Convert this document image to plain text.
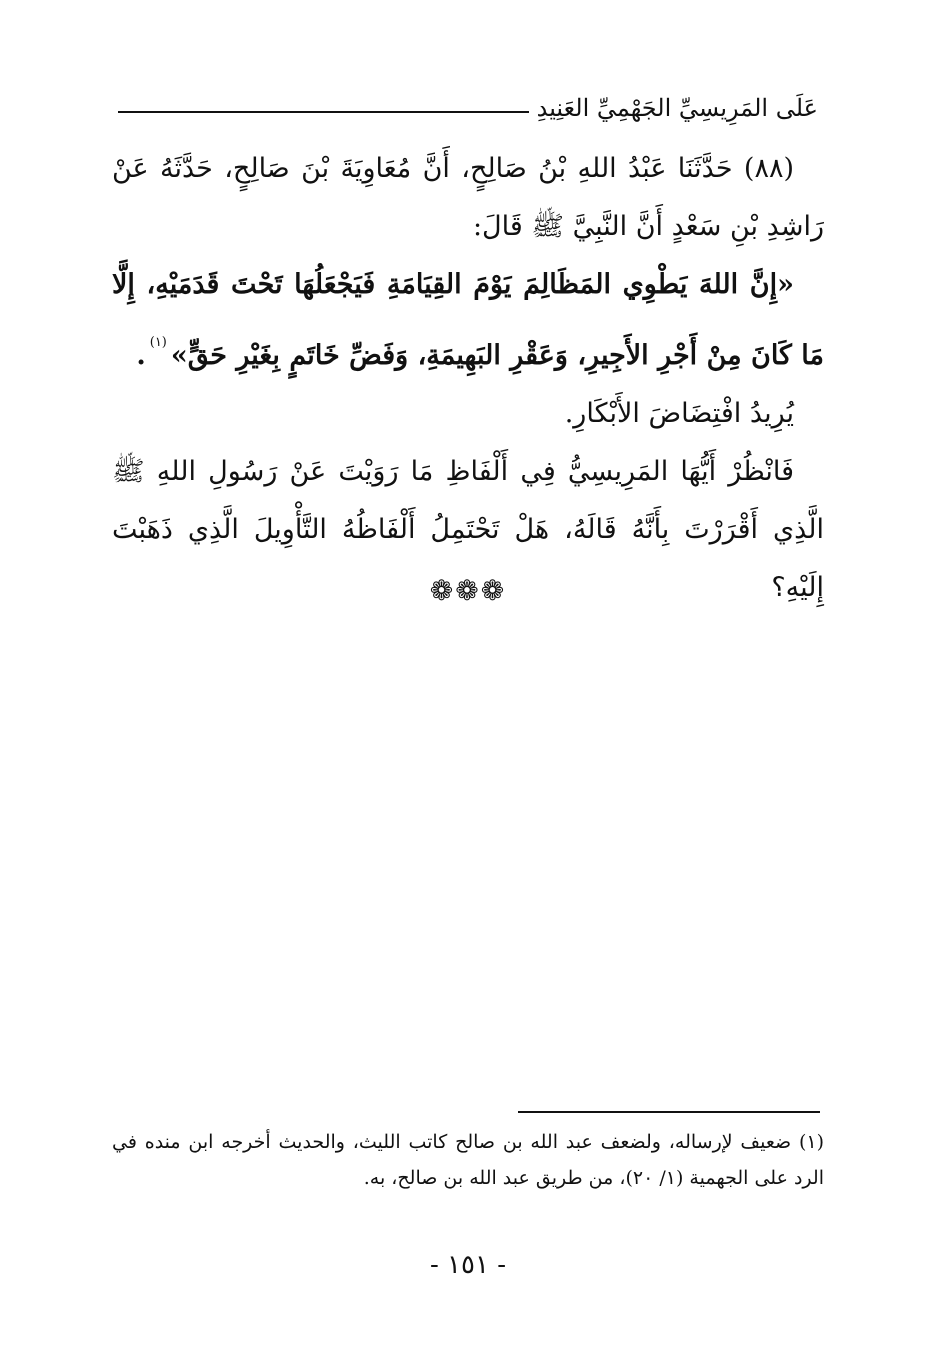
عَلَى المَرِيسِيِّ الجَهْمِيِّ العَنِيدِ

(٨٨) حَدَّثَنَا عَبْدُ اللهِ بْنُ صَالِحٍ، أَنَّ مُعَاوِيَةَ بْنَ صَالِحٍ، حَدَّثَهُ عَنْ رَاشِدِ بْنِ سَعْدٍ أَنَّ النَّبِيَّ ﷺ قَالَ:

«إِنَّ اللهَ يَطْوِي المَظَالِمَ يَوْمَ القِيَامَةِ فَيَجْعَلُهَا تَحْتَ قَدَمَيْهِ، إِلَّا مَا كَانَ مِنْ أَجْرِ الأَجِيرِ، وَعَقْرِ البَهِيمَةِ، وَفَضِّ خَاتَمٍ بِغَيْرِ حَقٍّ»$^{(١)}$.

يُرِيدُ افْتِضَاضَ الأَبْكَارِ.

فَانْظُرْ أَيُّهَا المَرِيسِيُّ فِي أَلْفَاظِ مَا رَوَيْتَ عَنْ رَسُولِ اللهِ ﷺ الَّذِي أَقْرَرْتَ بِأَنَّهُ قَالَهُ، هَلْ تَحْتَمِلُ أَلْفَاظُهُ التَّأْوِيلَ الَّذِي ذَهَبْتَ إِلَيْهِ؟

❁❁❁

(١) ضعيف لإرساله، ولضعف عبد الله بن صالح كاتب الليث، والحديث أخرجه ابن منده في الرد على الجهمية (١/ ٢٠)، من طريق عبد الله بن صالح، به.

- ١٥١ -
